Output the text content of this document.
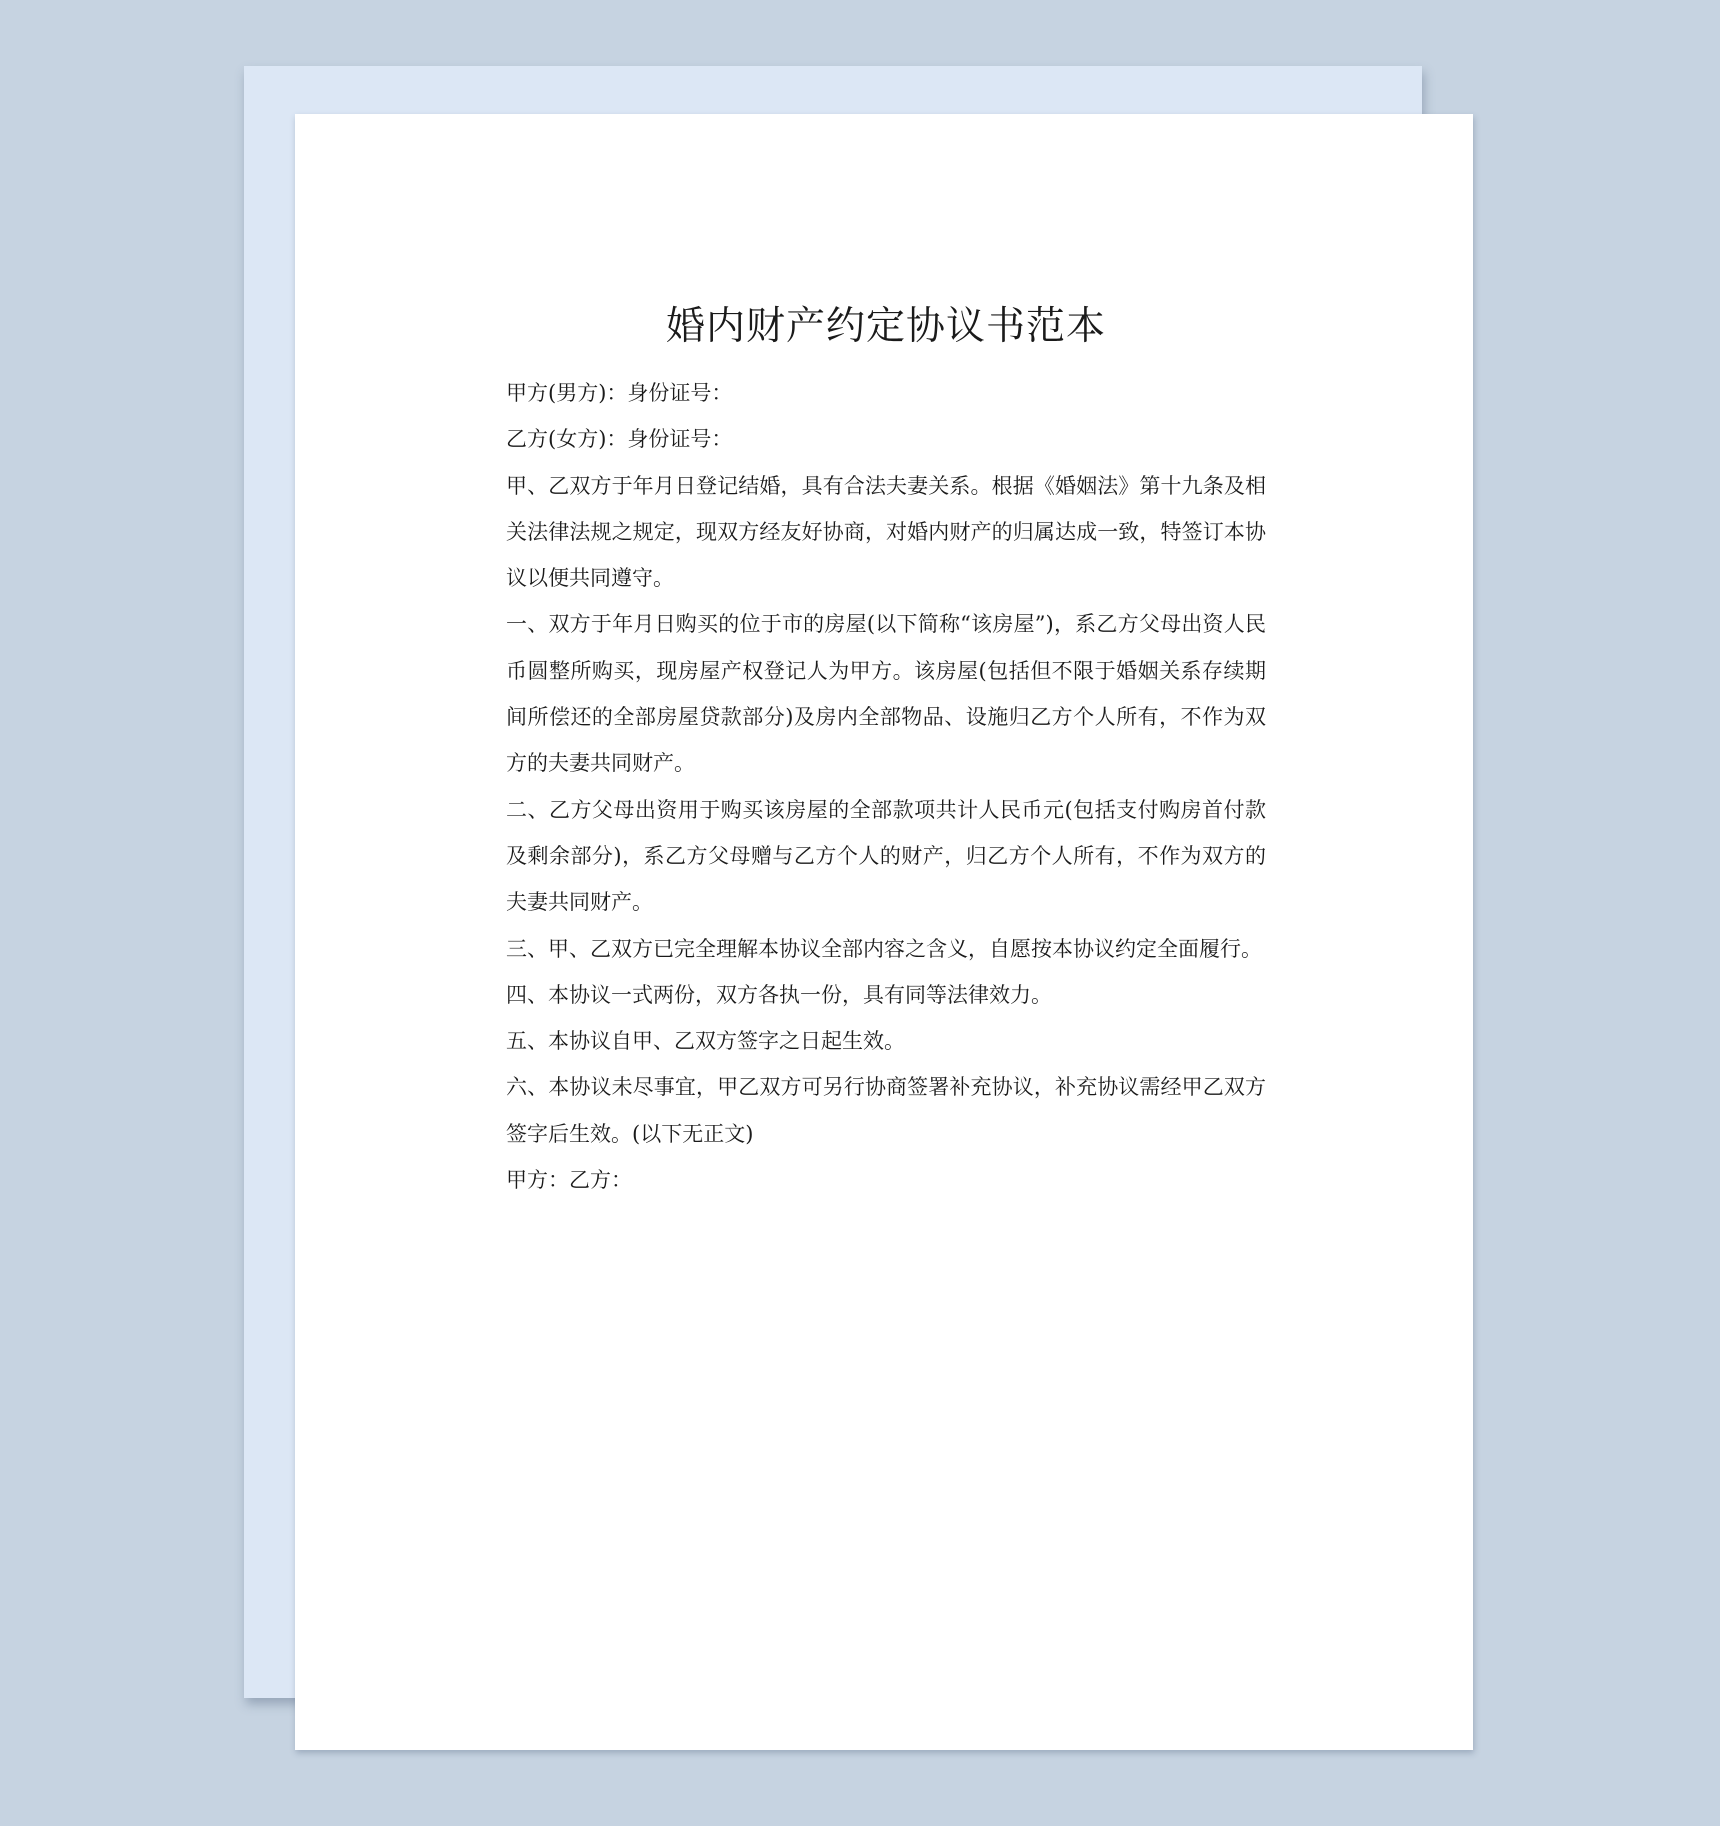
婚内财产约定协议书范本

甲方(男方)：身份证号：

乙方(女方)：身份证号：

甲、乙双方于年月日登记结婚，具有合法夫妻关系。根据《婚姻法》第十九条及相关法律法规之规定，现双方经友好协商，对婚内财产的归属达成一致，特签订本协议以便共同遵守。

一、双方于年月日购买的位于市的房屋(以下简称“该房屋”)，系乙方父母出资人民币圆整所购买，现房屋产权登记人为甲方。该房屋(包括但不限于婚姻关系存续期间所偿还的全部房屋贷款部分)及房内全部物品、设施归乙方个人所有，不作为双方的夫妻共同财产。

二、乙方父母出资用于购买该房屋的全部款项共计人民币元(包括支付购房首付款及剩余部分)，系乙方父母赠与乙方个人的财产，归乙方个人所有，不作为双方的夫妻共同财产。

三、甲、乙双方已完全理解本协议全部内容之含义，自愿按本协议约定全面履行。

四、本协议一式两份，双方各执一份，具有同等法律效力。

五、本协议自甲、乙双方签字之日起生效。

六、本协议未尽事宜，甲乙双方可另行协商签署补充协议，补充协议需经甲乙双方签字后生效。(以下无正文)

甲方：乙方：
